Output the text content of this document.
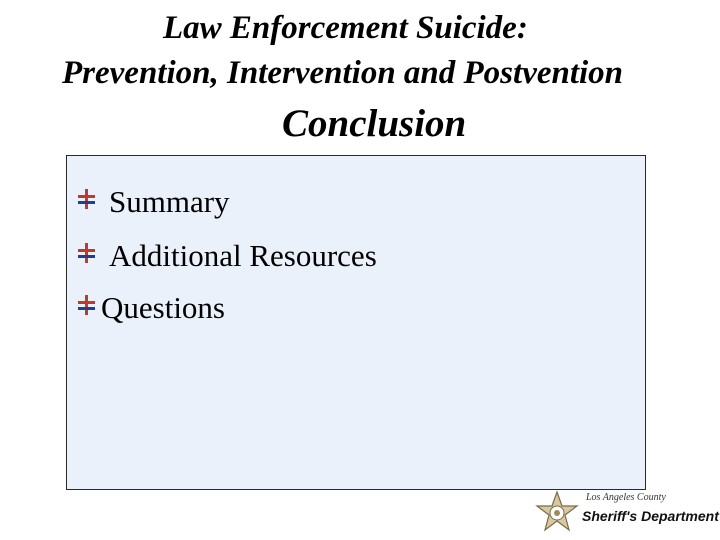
Law Enforcement Suicide:
Prevention, Intervention and Postvention
Conclusion
Summary
Additional Resources
Questions
Los Angeles County
Sheriff's Department
